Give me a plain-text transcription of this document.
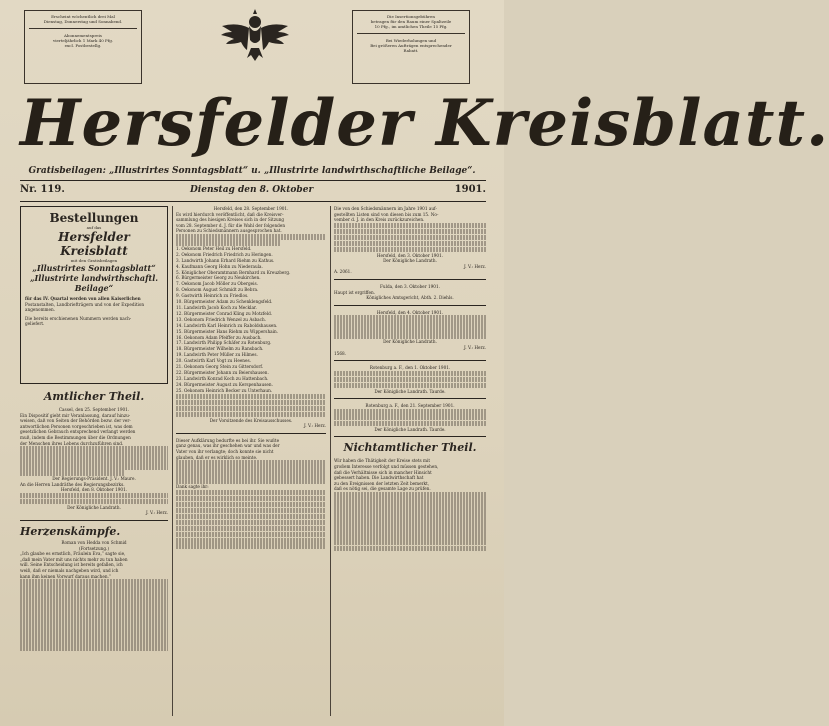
Erscheint wöchentlich drei Mal
Dienstag, Donnerstag und Sonnabend.
Abonnementspreis
vierteljährlich 1 Mark 40 Pfg.
excl. Postbestellg.
Die Insertionsgebühren
betragen für den Raum einer Spaltzeile
10 Pfg., im amtlichen Theile 15 Pfg.
Bei Wiederholungen und
Bei größeren Aufträgen entsprechender
Rabatt.
Hersfelder Kreisblatt.
Gratisbeilagen: „Illustrirtes Sonntagsblatt“ u. „Illustrirte landwirthschaftliche Beilage“.
Nr. 119.	Dienstag den 8. Oktober	1901.
Bestellungen
auf das
Hersfelder Kreisblatt
mit den Gratisbeilagen
„Illustrirtes Sonntagsblatt“
„Illustrirte landwirthschaftl. Beilage“
für das IV. Quartal werden von allen Kaiserlichen
Postanstalten, Landbriefträgern und von der Expedition
angenommen.
Die bereits erschienenen Nummern werden nach-
geliefert.
Amtlicher Theil.
Cassel, den 25. September 1901.
Ein Dispositif giebt mir Veranlassung, darauf hinzu-
weisen, daß von Seiten der Behörden bezw. der ver-
antwortlichen Personen vorgeschrieben ist, was dem
gesetzlichen Gebrauch entsprechend verlangt werden
muß, indem die Bestimmungen über die Ordnungen
der Menschen ihres Lebens durchzuführen sind.
Der Regierungs-Präsident. J. V.: Maure.
An die Herren Landräthe des Regierungsbezirks.
Hersfeld, den 8. Oktober 1901.
Der Königliche Landrath.
J. V.: Herz.
Herzenskämpfe.
Roman von Hedda von Schmid
(Fortsetzung.)
„Ich glaube es ernstlich, Fräulein Eva,“ sagte sie,
„daß mein Vater mit uns nichts mehr zu tun haben
will. Seine Entscheidung ist bereits gefallen, ich
weiß, daß er niemals nachgeben wird, und ich
kann ihm keinen Vorwurf daraus machen.“
Hersfeld, den 28. September 1901.
Es wird hierdurch veröffentlicht, daß die Kreisver-
sammlung des hiesigen Kreises sich in der Sitzung
vom 28. September d. J. für die Wahl der folgenden
Personen zu Schiedsmännern ausgesprochen hat.
1. Oekonom Peter Heil zu Hersfeld.
2. Oekonom Friedrich Friedrich zu Heringen.
3. Landwirth Johann Erhard Riehm zu Kathus.
4. Kaufmann Georg Hohn zu Niederaula.
5. Königlicher Oberamtmann Bernhard zu Kreuzberg.
6. Bürgermeister Georg zu Neukirchen.
7. Oekonom Jacob Möller zu Obergeis.
8. Oekonom August Schmidt zu Bebra.
9. Gastwirth Heinrich zu Friedlos.
10. Bürgermeister Adam zu Schenklengsfeld.
11. Landwirth Jacob Koch zu Mecklar.
12. Bürgermeister Conrad Kling zu Motzfeld.
13. Oekonom Friedrich Wenzel zu Asbach.
14. Landwirth Karl Heinrich zu Raboldshausen.
15. Bürgermeister Hans Riehm zu Wippershain.
16. Oekonom Adam Pfeiffer zu Ausbach.
17. Landwirth Philipp Schäfer zu Rotenburg.
18. Bürgermeister Wilhelm zu Ransbach.
19. Landwirth Peter Müller zu Hilmes.
20. Gastwirth Karl Vogt zu Heenes.
21. Oekonom Georg Stein zu Gittersdorf.
22. Bürgermeister Johann zu Beiershausen.
23. Landwirth Konrad Koch zu Hattenbach.
24. Bürgermeister August zu Kerspenhausen.
25. Oekonom Heinrich Becker zu Unterhaun.
Der Vorsitzende des Kreisausschusses.
J. V.: Herz.
Dieser Aufklärung bedurfte es bei ihr. Sie wußte
ganz genau, was ihr geschehen war und was der
Vater von ihr verlangte; doch konnte sie nicht
glauben, daß er es wirklich so meinte.
Dank sagte ihr:
Die von den Schiedsmännern im Jahre 1901 auf-
gestellten Listen sind von diesen bis zum 15. No-
vember d. J. in den Kreis zurückzureichen.
Hersfeld, den 3. Oktober 1901.
Der Königliche Landrath.
J. V.: Herz.
A. 2061.
Fulda, den 3. Oktober 1901.
Haupt ist ergriffen.
Königliches Amtsgericht, Abth. 2. Diehls.
Hersfeld, den 4. Oktober 1901.
Der Königliche Landrath.
J. V.: Herz.
1568.
Rotenburg a. F., den 1. Oktober 1901.
Der Königliche Landrath. Taurde.
Rotenburg a. F., den 21. September 1901.
Der Königliche Landrath. Taurde.
Nichtamtlicher Theil.
Wir haben die Thätigkeit der Kreise stets mit
großem Interesse verfolgt und müssen gestehen,
daß die Verhältnisse sich in mancher Hinsicht
gebessert haben. Die Landwirthschaft hat
zu den Ereignissen der letzten Zeit bemerkt,
daß es nötig sei, die gesamte Lage zu prüfen.
